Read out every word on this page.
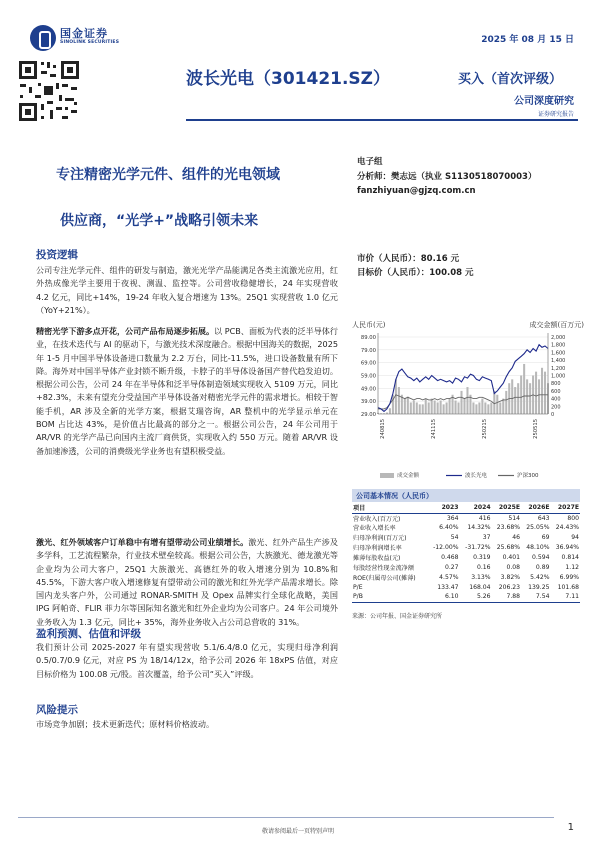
国金证券
SINOLINK SECURITIES	2025 年 08 月 15 日
波长光电（301421.SZ）	买入（首次评级）
公司深度研究
证券研究报告
专注精密光学元件、组件的光电领域
供应商，“光学+”战略引领未来
投资逻辑
公司专注光学元件、组件的研发与制造，激光光学产品能满足各类主流激光应用，红外热成像光学主要用于夜视、测温、监控等。公司营收稳健增长，24 年实现营收 4.2 亿元，同比+14%，19-24 年收入复合增速为 13%。25Q1 实现营收 1.0 亿元（YoY+21%）。
精密光学下游多点开花，公司产品布局逐步拓展。以 PCB、面板为代表的泛半导体行业，在技术迭代与 AI 的驱动下，与激光技术深度融合。根据中国海关的数据，2025 年 1-5 月中国半导体设备进口数量为 2.2 万台，同比-11.5%，进口设备数量有所下降。海外对中国半导体产业封锁不断升级，卡脖子的半导体设备国产替代趋发迫切。根据公司公告，公司 24 年在半导体和泛半导体制造领域实现收入 5109 万元，同比+82.3%，未来有望充分受益国产半导体设备对精密光学元件的需求增长。相较于智能手机，AR 涉及全新的光学方案，根据艾瑞咨询，AR 整机中的光学显示单元在 BOM 占比达 43%，是价值占比最高的部分之一。根据公司公告，24 年公司用于 AR/VR 的光学产品已向国内主流厂商供货，实现收入约 550 万元。随着 AR/VR 设备加速渗透，公司的消费级光学业务也有望积极受益。
激光、红外领域客户订单稳中有增有望带动公司业绩增长。激光、红外产品生产涉及多学科，工艺流程繁杂，行业技术壁垒较高。根据公司公告，大族激光、德龙激光等企业均为公司大客户，25Q1 大族激光、高德红外的收入增速分别为 10.8%和 45.5%，下游大客户收入增速修复有望带动公司的激光和红外光学产品需求增长。除国内龙头客户外，公司通过 RONAR-SMITH 及 Opex 品牌实行全球化战略，美国 IPG 阿帕奇、FLIR 菲力尔等国际知名激光和红外企业均为公司客户。24 年公司境外业务收入为 1.3 亿元，同比+ 35%，海外业务收入占公司总营收的 31%。
盈利预测、估值和评级
我们预计公司 2025-2027 年有望实现营收 5.1/6.4/8.0 亿元，实现归母净利润 0.5/0.7/0.9 亿元，对应 PS 为 18/14/12x，给予公司 2026 年 18xPS 估值，对应目标价格为 100.08 元/股。首次覆盖，给予公司“买入”评级。
风险提示
市场竞争加剧；技术更新迭代；原材料价格波动。
电子组
分析师：樊志远（执业 S1130518070003）
fanzhiyuan@gjzq.com.cn
市价（人民币）：80.16 元
目标价（人民币）：100.08 元
人民币(元)	成交金额(百万元)
89.00
79.00
69.00
59.00
49.00
39.00
29.00
2,000
1,800
1,600
1,400
1,200
1,000
800
600
400
200
0
240815	241115	250215	250515
成交金额	波长光电	沪深300
公司基本情况（人民币）
项目	2023	2024	2025E	2026E	2027E
营业收入(百万元)	364	416	514	643	800
营业收入增长率	6.40%	14.32%	23.68%	25.05%	24.43%
归母净利润(百万元)	54	37	46	69	94
归母净利润增长率	-12.00%	-31.72%	25.68%	48.10%	36.94%
摊薄每股收益(元)	0.468	0.319	0.401	0.594	0.814
每股经营性现金流净额	0.27	0.16	0.08	0.89	1.12
ROE(归属母公司(摊薄)	4.57%	3.13%	3.82%	5.42%	6.99%
P/E	133.47	168.04	206.23	139.25	101.68
P/B	6.10	5.26	7.88	7.54	7.11
来源：公司年报、国金证券研究所
敬请参阅最后一页特别声明	1
